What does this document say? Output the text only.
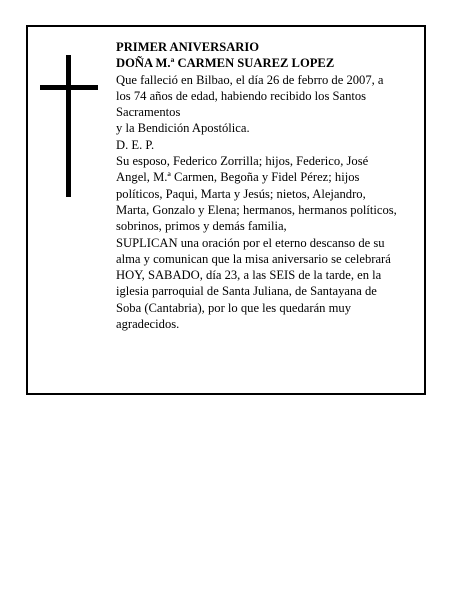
PRIMER ANIVERSARIO

DOÑA M.ª CARMEN SUAREZ LOPEZ

Que falleció en Bilbao, el día 26 de febrro de 2007, a

los 74 años de edad, habiendo recibido los Santos

Sacramentos

y la Bendición Apostólica.

D. E. P.

Su esposo, Federico Zorrilla; hijos, Federico, José

Angel, M.ª Carmen, Begoña y Fidel Pérez; hijos

políticos, Paqui, Marta y Jesús; nietos, Alejandro,

Marta, Gonzalo y Elena; hermanos, hermanos políticos,

sobrinos, primos y demás familia,

SUPLICAN una oración por el eterno descanso de su

alma y comunican que la misa aniversario se celebrará

HOY, SABADO, día 23, a las SEIS de la tarde, en la

iglesia parroquial de Santa Juliana, de Santayana de

Soba (Cantabria), por lo que les quedarán muy

agradecidos.
